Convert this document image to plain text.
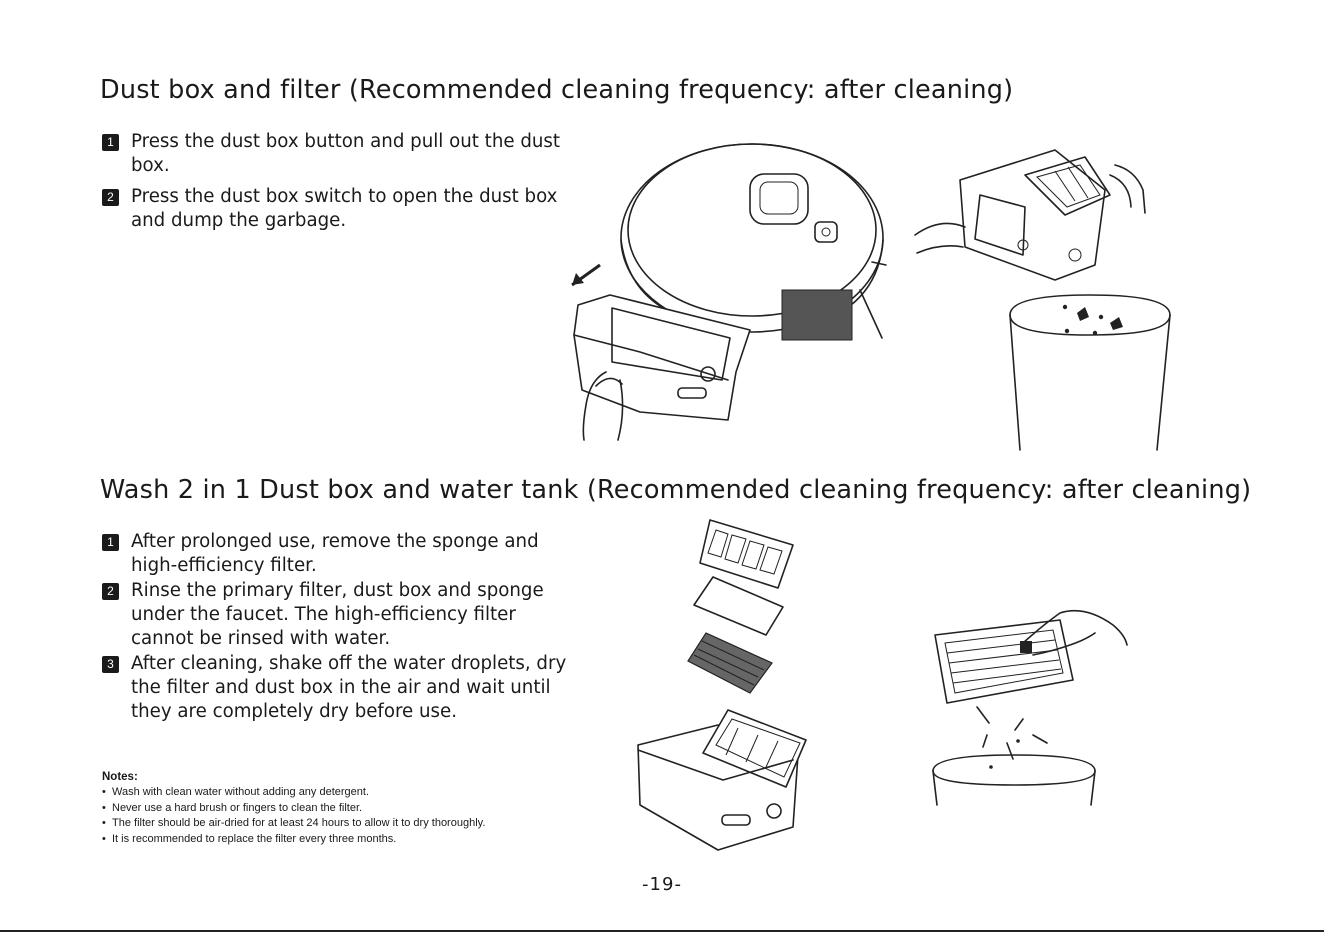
Dust box and filter (Recommended cleaning frequency: after cleaning)
1 Press the dust box button and pull out the dust box.
2 Press the dust box switch to open the dust box and dump the garbage.
Wash 2 in 1 Dust box and water tank (Recommended cleaning frequency: after cleaning)
1 After prolonged use, remove the sponge and high-efficiency filter.
2 Rinse the primary filter, dust box and sponge under the faucet. The high-efficiency filter cannot be rinsed with water.
3 After cleaning, shake off the water droplets, dry the filter and dust box in the air and wait until they are completely dry before use.
Notes:
• Wash with clean water without adding any detergent.
• Never use a hard brush or fingers to clean the filter.
• The filter should be air-dried for at least 24 hours to allow it to dry thoroughly.
• It is recommended to replace the filter every three months.
-19-
